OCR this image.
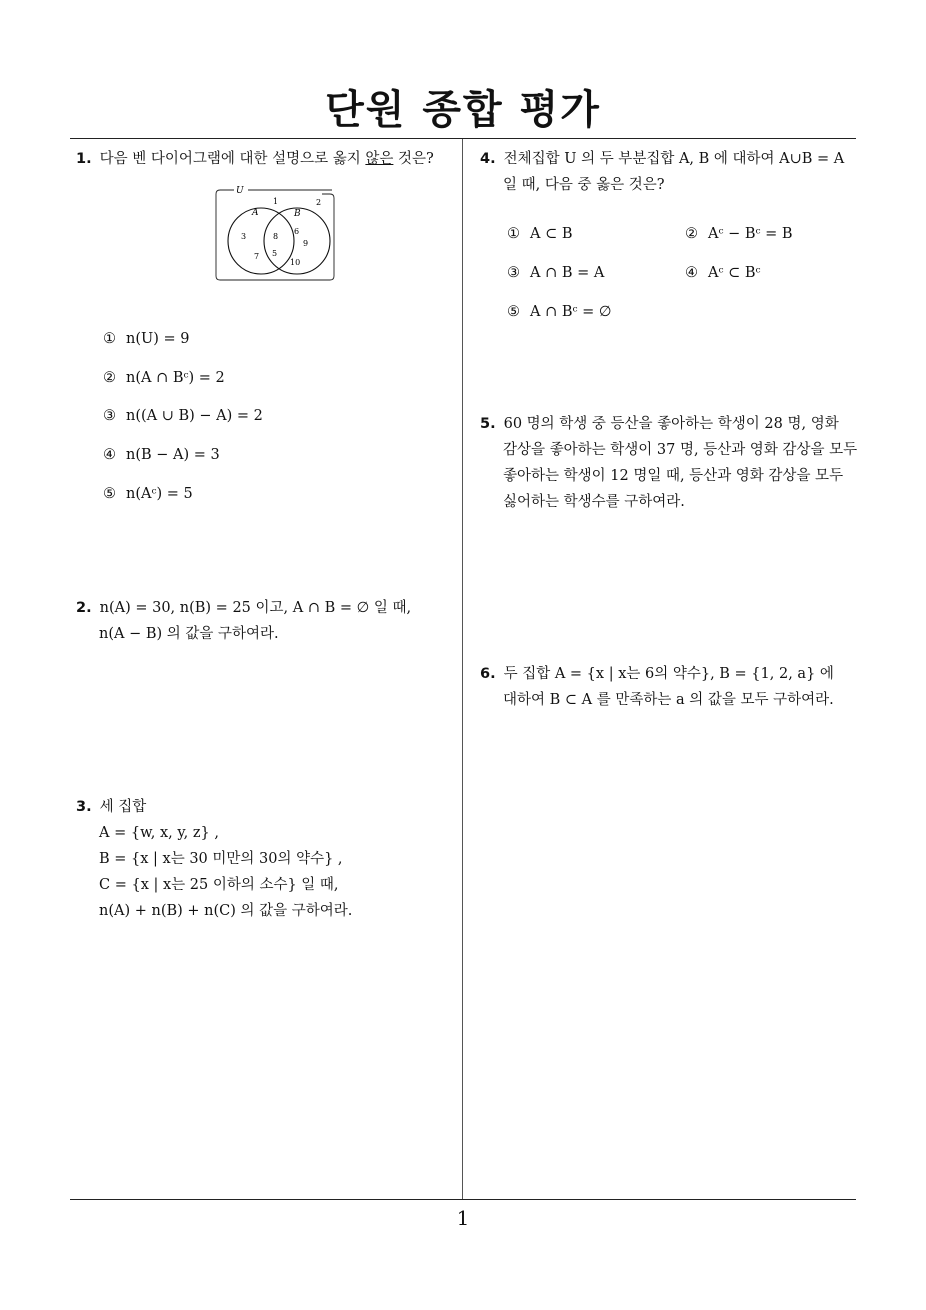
단원 종합 평가
1. 다음 벤 다이어그램에 대한 설명으로 옳지 않은 것은?
U
A	B
1	2
3
7
8
5
6
9
10
① n(U) = 9
② n(A ∩ Bᶜ) = 2
③ n((A ∪ B) − A) = 2
④ n(B − A) = 3
⑤ n(Aᶜ) = 5
2. n(A) = 30, n(B) = 25 이고, A ∩ B = ∅ 일 때,
n(A − B) 의 값을 구하여라.
3. 세 집합
A = {w, x, y, z} ,
B = {x | x는 30 미만의 30의 약수} ,
C = {x | x는 25 이하의 소수} 일 때,
n(A) + n(B) + n(C) 의 값을 구하여라.
4. 전체집합 U 의 두 부분집합 A, B 에 대하여 A∪B = A
일 때, 다음 중 옳은 것은?
① A ⊂ B	② Aᶜ − Bᶜ = B
③ A ∩ B = A	④ Aᶜ ⊂ Bᶜ
⑤ A ∩ Bᶜ = ∅
5. 60 명의 학생 중 등산을 좋아하는 학생이 28 명, 영화
감상을 좋아하는 학생이 37 명, 등산과 영화 감상을 모두
좋아하는 학생이 12 명일 때, 등산과 영화 감상을 모두
싫어하는 학생수를 구하여라.
6. 두 집합 A = {x | x는 6의 약수}, B = {1, 2, a} 에
대하여 B ⊂ A 를 만족하는 a 의 값을 모두 구하여라.
1
